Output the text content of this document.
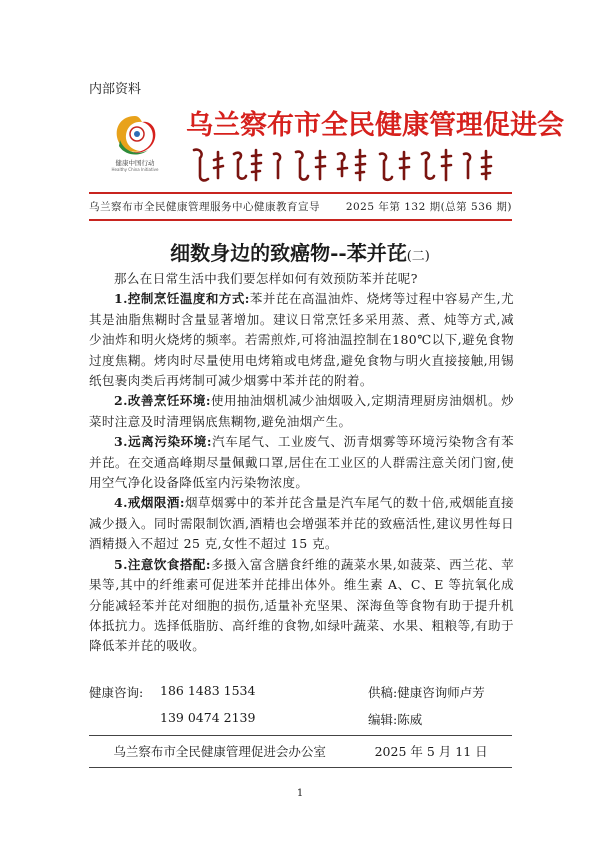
内部资料
健康中国行动
Healthy China Initiative
乌兰察布市全民健康管理促进会
乌兰察布市全民健康管理服务中心健康教育宣导 2025 年第 132 期(总第 536 期)
细数身边的致癌物--苯并芘(二)

那么在日常生活中我们要怎样如何有效预防苯并芘呢?

1.控制烹饪温度和方式:苯并芘在高温油炸、烧烤等过程中容易产生,尤其是油脂焦糊时含量显著增加。建议日常烹饪多采用蒸、煮、炖等方式,减少油炸和明火烧烤的频率。若需煎炸,可将油温控制在180℃以下,避免食物过度焦糊。烤肉时尽量使用电烤箱或电烤盘,避免食物与明火直接接触,用锡纸包裹肉类后再烤制可减少烟雾中苯并芘的附着。

2.改善烹饪环境:使用抽油烟机减少油烟吸入,定期清理厨房油烟机。炒菜时注意及时清理锅底焦糊物,避免油烟产生。

3.远离污染环境:汽车尾气、工业废气、沥青烟雾等环境污染物含有苯并芘。在交通高峰期尽量佩戴口罩,居住在工业区的人群需注意关闭门窗,使用空气净化设备降低室内污染物浓度。

4.戒烟限酒:烟草烟雾中的苯并芘含量是汽车尾气的数十倍,戒烟能直接减少摄入。同时需限制饮酒,酒精也会增强苯并芘的致癌活性,建议男性每日酒精摄入不超过 25 克,女性不超过 15 克。

5.注意饮食搭配:多摄入富含膳食纤维的蔬菜水果,如菠菜、西兰花、苹果等,其中的纤维素可促进苯并芘排出体外。维生素 A、C、E 等抗氧化成分能减轻苯并芘对细胞的损伤,适量补充坚果、深海鱼等食物有助于提升机体抵抗力。选择低脂肪、高纤维的食物,如绿叶蔬菜、水果、粗粮等,有助于降低苯并芘的吸收。

健康咨询: 186 1483 1534
139 0474 2139
供稿:健康咨询师卢芳
编辑:陈威
乌兰察布市全民健康管理促进会办公室	2025 年 5 月 11 日
1
